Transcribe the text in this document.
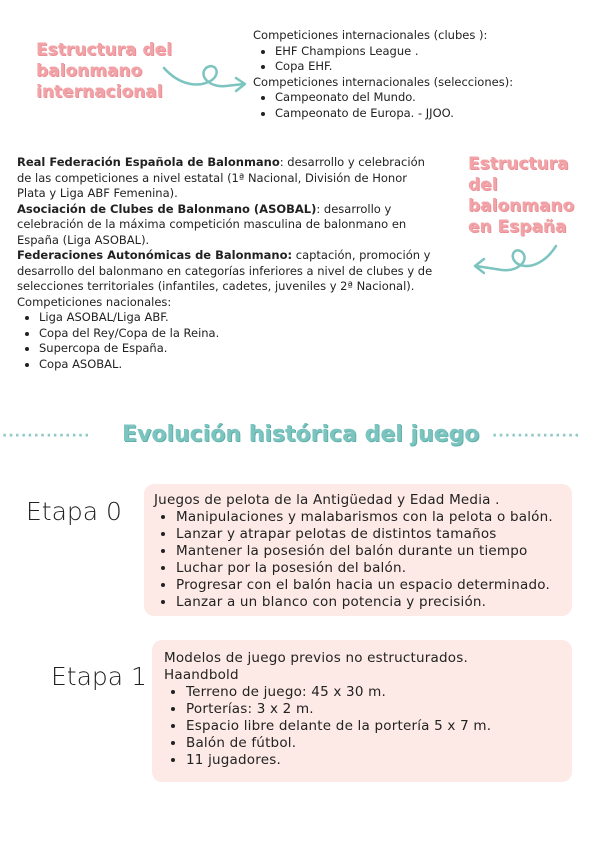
Estructura del
balonmano
internacional
Competiciones internacionales (clubes ):
• EHF Champions League .
• Copa EHF.
Competiciones internacionales (selecciones):
• Campeonato del Mundo.
• Campeonato de Europa. - JJOO.
Real Federación Española de Balonmano: desarrollo y celebración de las competiciones a nivel estatal (1ª Nacional, División de Honor Plata y Liga ABF Femenina).
Asociación de Clubes de Balonmano (ASOBAL): desarrollo y celebración de la máxima competición masculina de balonmano en España (Liga ASOBAL).
Federaciones Autonómicas de Balonmano: captación, promoción y desarrollo del balonmano en categorías inferiores a nivel de clubes y de selecciones territoriales (infantiles, cadetes, juveniles y 2ª Nacional).
Competiciones nacionales:
• Liga ASOBAL/Liga ABF.
• Copa del Rey/Copa de la Reina.
• Supercopa de España.
• Copa ASOBAL.
Estructura
del
balonmano
en España
·············· Evolución histórica del juego ··············
Etapa 0 Juegos de pelota de la Antigüedad y Edad Media .
• Manipulaciones y malabarismos con la pelota o balón.
• Lanzar y atrapar pelotas de distintos tamaños
• Mantener la posesión del balón durante un tiempo
• Luchar por la posesión del balón.
• Progresar con el balón hacia un espacio determinado.
• Lanzar a un blanco con potencia y precisión.
Etapa 1
Modelos de juego previos no estructurados.
Haandbold
• Terreno de juego: 45 x 30 m.
• Porterías: 3 x 2 m.
• Espacio libre delante de la portería 5 x 7 m.
• Balón de fútbol.
• 11 jugadores.
